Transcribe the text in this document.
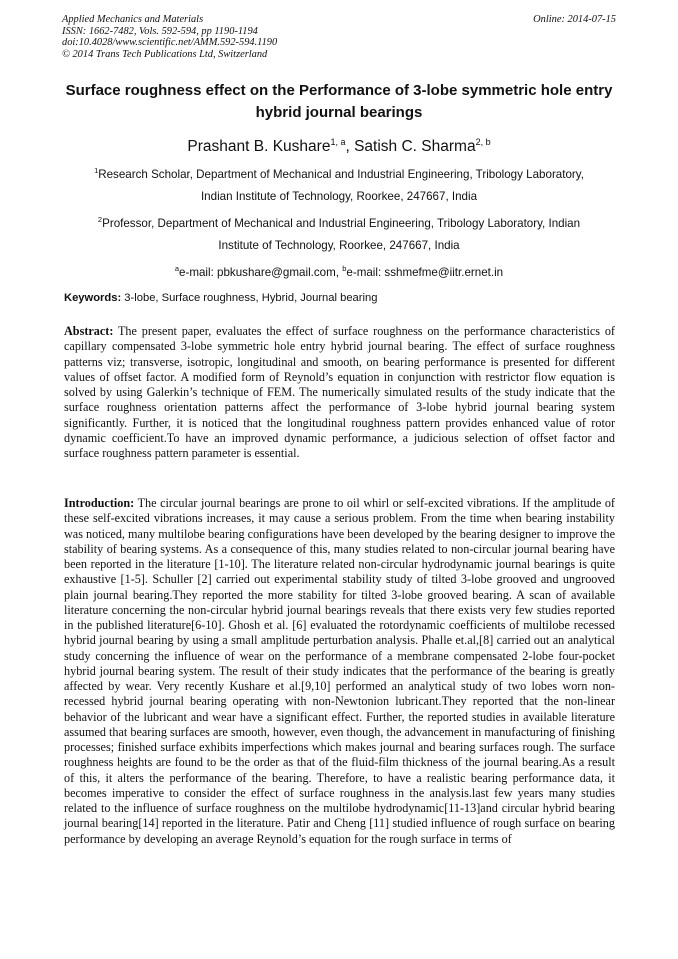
Applied Mechanics and Materials
ISSN: 1662-7482, Vols. 592-594, pp 1190-1194
doi:10.4028/www.scientific.net/AMM.592-594.1190
© 2014 Trans Tech Publications Ltd, Switzerland
Online: 2014-07-15
Surface roughness effect on the Performance of 3-lobe symmetric hole entry hybrid journal bearings
Prashant B. Kushare$^{1, a}$, Satish C. Sharma$^{2, b}$
$^1$Research Scholar, Department of Mechanical and Industrial Engineering, Tribology Laboratory,
Indian Institute of Technology, Roorkee, 247667, India
$^2$Professor, Department of Mechanical and Industrial Engineering, Tribology Laboratory, Indian
Institute of Technology, Roorkee, 247667, India
$^a$e-mail: pbkushare@gmail.com, $^b$e-mail: sshmefme@iitr.ernet.in
Keywords: 3-lobe, Surface roughness, Hybrid, Journal bearing

Abstract: The present paper, evaluates the effect of surface roughness on the performance characteristics of capillary compensated 3-lobe symmetric hole entry hybrid journal bearing. The effect of surface roughness patterns viz; transverse, isotropic, longitudinal and smooth, on bearing performance is presented for different values of offset factor. A modified form of Reynold’s equation in conjunction with restrictor flow equation is solved by using Galerkin’s technique of FEM. The numerically simulated results of the study indicate that the surface roughness orientation patterns affect the performance of 3-lobe hybrid journal bearing system significantly. Further, it is noticed that the longitudinal roughness pattern provides enhanced value of rotor dynamic coefficient.To have an improved dynamic performance, a judicious selection of offset factor and surface roughness pattern parameter is essential.

Introduction: The circular journal bearings are prone to oil whirl or self-excited vibrations. If the amplitude of these self-excited vibrations increases, it may cause a serious problem. From the time when bearing instability was noticed, many multilobe bearing configurations have been developed by the bearing designer to improve the stability of bearing systems. As a consequence of this, many studies related to non-circular journal bearing have been reported in the literature [1-10]. The literature related non-circular hydrodynamic journal bearings is quite exhaustive [1-5]. Schuller [2] carried out experimental stability study of tilted 3-lobe grooved and ungrooved plain journal bearing.They reported the more stability for tilted 3-lobe grooved bearing. A scan of available literature concerning the non-circular hybrid journal bearings reveals that there exists very few studies reported in the published literature[6-10]. Ghosh et al. [6] evaluated the rotordynamic coefficients of multilobe recessed hybrid journal bearing by using a small amplitude perturbation analysis. Phalle et.al,[8] carried out an analytical study concerning the influence of wear on the performance of a membrane compensated 2-lobe four-pocket hybrid journal bearing system. The result of their study indicates that the performance of the bearing is greatly affected by wear. Very recently Kushare et al.[9,10] performed an analytical study of two lobes worn non-recessed hybrid journal bearing operating with non-Newtonion lubricant.They reported that the non-linear behavior of the lubricant and wear have a significant effect. Further, the reported studies in available literature assumed that bearing surfaces are smooth, however, even though, the advancement in manufacturing of finishing processes; finished surface exhibits imperfections which makes journal and bearing surfaces rough. The surface roughness heights are found to be the order as that of the fluid-film thickness of the journal bearing.As a result of this, it alters the performance of the bearing. Therefore, to have a realistic bearing performance data, it becomes imperative to consider the effect of surface roughness in the analysis.last few years many studies related to the influence of surface roughness on the multilobe hydrodynamic[11-13]and circular hybrid bearing journal bearing[14] reported in the literature. Patir and Cheng [11] studied influence of rough surface on bearing performance by developing an average Reynold’s equation for the rough surface in terms of
